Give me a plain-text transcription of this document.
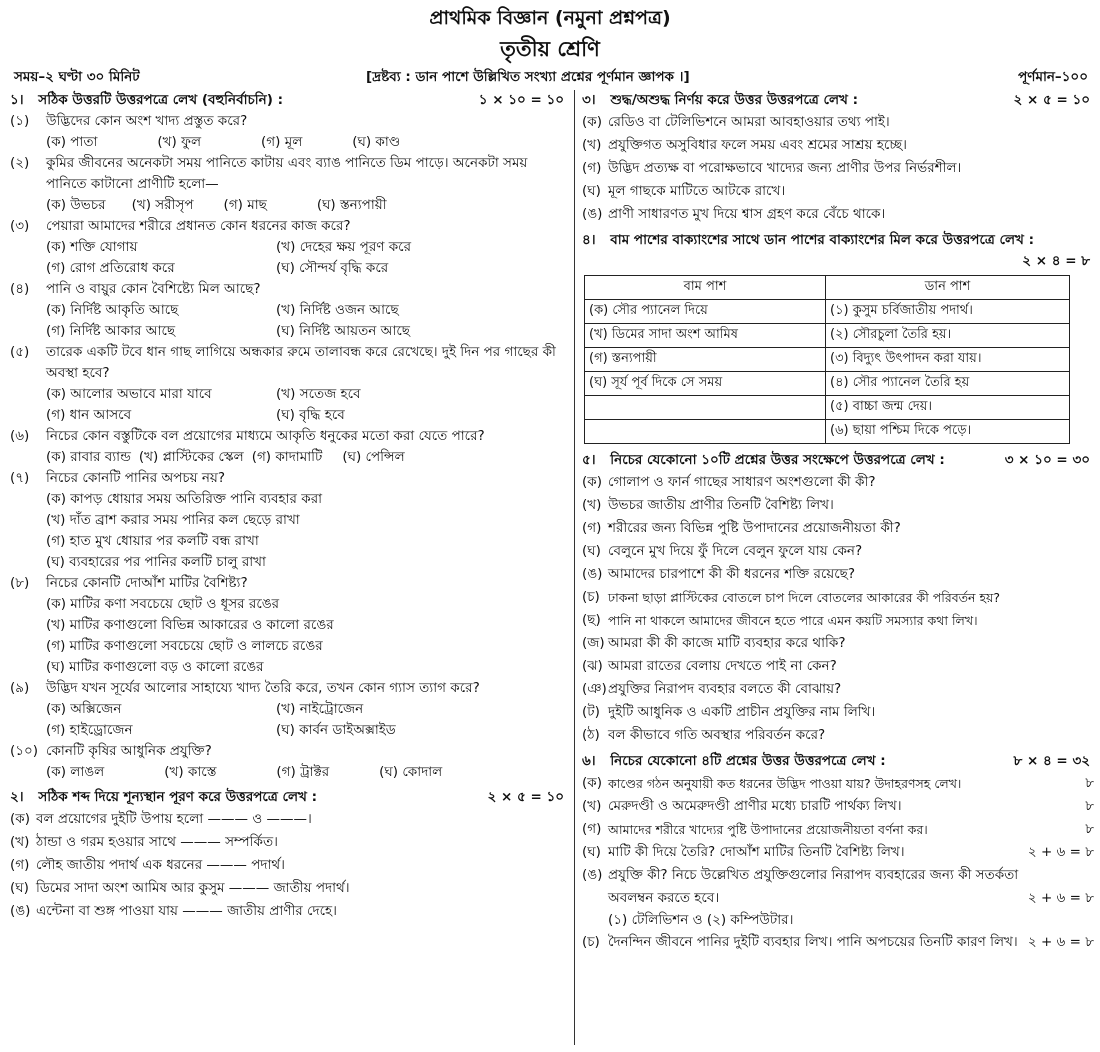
প্রাথমিক বিজ্ঞান (নমুনা প্রশ্নপত্র)
তৃতীয় শ্রেণি
সময়–২ ঘণ্টা ৩০ মিনিট	[দ্রষ্টব্য : ডান পাশে উল্লিখিত সংখ্যা প্রশ্নের পূর্ণমান জ্ঞাপক ।]	পূর্ণমান–১০০
১। সঠিক উত্তরটি উত্তরপত্রে লেখ (বহুনির্বাচনি) :	১ × ১০ = ১০
(১)	উদ্ভিদের কোন অংশ খাদ্য প্রস্তুত করে?
(ক) পাতা	(খ) ফুল	(গ) মূল	(ঘ) কাণ্ড
(২)	কুমির জীবনের অনেকটা সময় পানিতে কাটায় এবং ব্যাঙ পানিতে ডিম পাড়ে। অনেকটা সময় পানিতে কাটানো প্রাণীটি হলো—
(ক) উভচর (খ) সরীসৃপ (গ) মাছ	(ঘ) স্তন্যপায়ী
(৩)	পেয়ারা আমাদের শরীরে প্রধানত কোন ধরনের কাজ করে?
(ক) শক্তি যোগায়	(খ) দেহের ক্ষয় পূরণ করে
(গ) রোগ প্রতিরোধ করে	(ঘ) সৌন্দর্য বৃদ্ধি করে
(৪)	পানি ও বায়ুর কোন বৈশিষ্ট্যে মিল আছে?
(ক) নির্দিষ্ট আকৃতি আছে	(খ) নির্দিষ্ট ওজন আছে
(গ) নির্দিষ্ট আকার আছে	(ঘ) নির্দিষ্ট আয়তন আছে
(৫)	তারেক একটি টবে ধান গাছ লাগিয়ে অন্ধকার রুমে তালাবন্ধ করে রেখেছে। দুই দিন পর গাছের কী অবস্থা হবে?
(ক) আলোর অভাবে মারা যাবে	(খ) সতেজ হবে
(গ) ধান আসবে	(ঘ) বৃদ্ধি হবে
(৬)	নিচের কোন বস্তুটিকে বল প্রয়োগের মাধ্যমে আকৃতি ধনুকের মতো করা যেতে পারে?
(ক) রাবার ব্যান্ড (খ) প্লাস্টিকের স্কেল (গ) কাদামাটি (ঘ) পেন্সিল
(৭)	নিচের কোনটি পানির অপচয় নয়?
(ক) কাপড় ধোয়ার সময় অতিরিক্ত পানি ব্যবহার করা
(খ) দাঁত ব্রাশ করার সময় পানির কল ছেড়ে রাখা
(গ) হাত মুখ ধোয়ার পর কলটি বন্ধ রাখা
(ঘ) ব্যবহারের পর পানির কলটি চালু রাখা
(৮)	নিচের কোনটি দোআঁশ মাটির বৈশিষ্ট্য?
(ক) মাটির কণা সবচেয়ে ছোট ও ধূসর রঙের
(খ) মাটির কণাগুলো বিভিন্ন আকারের ও কালো রঙের
(গ) মাটির কণাগুলো সবচেয়ে ছোট ও লালচে রঙের
(ঘ) মাটির কণাগুলো বড় ও কালো রঙের
(৯)	উদ্ভিদ যখন সূর্যের আলোর সাহায্যে খাদ্য তৈরি করে, তখন কোন গ্যাস ত্যাগ করে?
(ক) অক্সিজেন	(খ) নাইট্রোজেন
(গ) হাইড্রোজেন	(ঘ) কার্বন ডাইঅক্সাইড
(১০) কোনটি কৃষির আধুনিক প্রযুক্তি?
(ক) লাঙল	(খ) কাস্তে	(গ) ট্রাক্টর	(ঘ) কোদাল
২। সঠিক শব্দ দিয়ে শূন্যস্থান পূরণ করে উত্তরপত্রে লেখ :	২ × ৫ = ১০
(ক) বল প্রয়োগের দুইটি উপায় হলো ——— ও ———।
(খ) ঠান্ডা ও গরম হওয়ার সাথে ——— সম্পর্কিত।
(গ) লৌহ জাতীয় পদার্থ এক ধরনের ——— পদার্থ।
(ঘ) ডিমের সাদা অংশ আমিষ আর কুসুম ——— জাতীয় পদার্থ।
(ঙ) এন্টেনা বা শুঙ্গ পাওয়া যায় ——— জাতীয় প্রাণীর দেহে।
৩। শুদ্ধ/অশুদ্ধ নির্ণয় করে উত্তর উত্তরপত্রে লেখ :	২ × ৫ = ১০
(ক) রেডিও বা টেলিভিশনে আমরা আবহাওয়ার তথ্য পাই।
(খ) প্রযুক্তিগত অসুবিধার ফলে সময় এবং শ্রমের সাশ্রয় হচ্ছে।
(গ) উদ্ভিদ প্রত্যক্ষ বা পরোক্ষভাবে খাদ্যের জন্য প্রাণীর উপর নির্ভরশীল।
(ঘ) মূল গাছকে মাটিতে আটকে রাখে।
(ঙ) প্রাণী সাধারণত মুখ দিয়ে শ্বাস গ্রহণ করে বেঁচে থাকে।
৪। বাম পাশের বাক্যাংশের সাথে ডান পাশের বাক্যাংশের মিল করে উত্তরপত্রে লেখ :
২ × ৪ = ৮
বাম পাশ	ডান পাশ
(ক) সৌর প্যানেল দিয়ে	(১) কুসুম চর্বিজাতীয় পদার্থ।
(খ) ডিমের সাদা অংশ আমিষ	(২) সৌরচুলা তৈরি হয়।
(গ) স্তন্যপায়ী	(৩) বিদ্যুৎ উৎপাদন করা যায়।
(ঘ) সূর্য পূর্ব দিকে সে সময়	(৪) সৌর প্যানেল তৈরি হয়
	(৫) বাচ্চা জন্ম দেয়।
	(৬) ছায়া পশ্চিম দিকে পড়ে।
৫। নিচের যেকোনো ১০টি প্রশ্নের উত্তর সংক্ষেপে উত্তরপত্রে লেখ :	৩ × ১০ = ৩০
(ক) গোলাপ ও ফার্ন গাছের সাধারণ অংশগুলো কী কী?
(খ) উভচর জাতীয় প্রাণীর তিনটি বৈশিষ্ট্য লিখ।
(গ) শরীরের জন্য বিভিন্ন পুষ্টি উপাদানের প্রয়োজনীয়তা কী?
(ঘ) বেলুনে মুখ দিয়ে ফুঁ দিলে বেলুন ফুলে যায় কেন?
(ঙ) আমাদের চারপাশে কী কী ধরনের শক্তি রয়েছে?
(চ) ঢাকনা ছাড়া প্লাস্টিকের বোতলে চাপ দিলে বোতলের আকারের কী পরিবর্তন হয়?
(ছ) পানি না থাকলে আমাদের জীবনে হতে পারে এমন কয়টি সমস্যার কথা লিখ।
(জ) আমরা কী কী কাজে মাটি ব্যবহার করে থাকি?
(ঝ) আমরা রাতের বেলায় দেখতে পাই না কেন?
(ঞ) প্রযুক্তির নিরাপদ ব্যবহার বলতে কী বোঝায়?
(ট) দুইটি আধুনিক ও একটি প্রাচীন প্রযুক্তির নাম লিখি।
(ঠ) বল কীভাবে গতি অবস্থার পরিবর্তন করে?
৬। নিচের যেকোনো ৪টি প্রশ্নের উত্তর উত্তরপত্রে লেখ :	৮ × ৪ = ৩২
(ক) কাণ্ডের গঠন অনুযায়ী কত ধরনের উদ্ভিদ পাওয়া যায়? উদাহরণসহ লেখ।	৮
(খ) মেরুদণ্ডী ও অমেরুদণ্ডী প্রাণীর মধ্যে চারটি পার্থক্য লিখ।	৮
(গ) আমাদের শরীরে খাদ্যের পুষ্টি উপাদানের প্রয়োজনীয়তা বর্ণনা কর।	৮
(ঘ) মাটি কী দিয়ে তৈরি? দোআঁশ মাটির তিনটি বৈশিষ্ট্য লিখ।	২ + ৬ = ৮
(ঙ) প্রযুক্তি কী? নিচে উল্লেখিত প্রযুক্তিগুলোর নিরাপদ ব্যবহারের জন্য কী সতর্কতা অবলম্বন করতে হবে।	২ + ৬ = ৮
(১) টেলিভিশন ও (২) কম্পিউটার।
(চ) দৈনন্দিন জীবনে পানির দুইটি ব্যবহার লিখ। পানি অপচয়ের তিনটি কারণ লিখ। ২ + ৬ = ৮
